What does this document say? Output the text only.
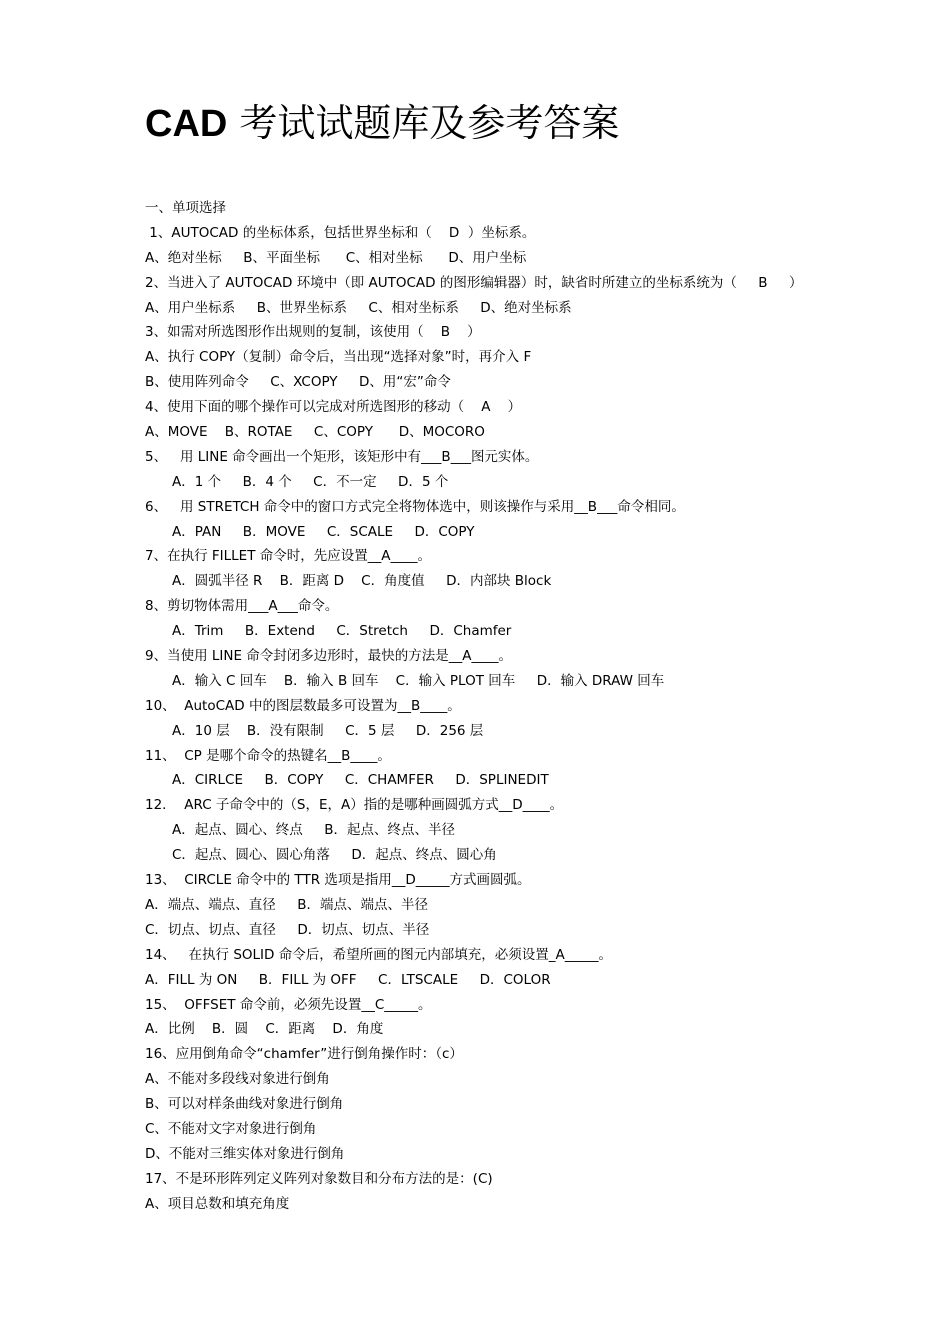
CAD 考试试题库及参考答案
一、单项选择
1、AUTOCAD 的坐标体系，包括世界坐标和（    D  ）坐标系。
A、绝对坐标     B、平面坐标      C、相对坐标      D、用户坐标
2、当进入了 AUTOCAD 环境中（即 AUTOCAD 的图形编辑器）时，缺省时所建立的坐标系统为（     B     ）
A、用户坐标系     B、世界坐标系     C、相对坐标系     D、绝对坐标系
3、如需对所选图形作出规则的复制，该使用（    B    ）
A、执行 COPY（复制）命令后，当出现“选择对象”时，再介入 F
B、使用阵列命令     C、XCOPY     D、用“宏”命令
4、使用下面的哪个操作可以完成对所选图形的移动（    A    ）
A、MOVE    B、ROTAE     C、COPY      D、MOCORO
5、   用 LINE 命令画出一个矩形，该矩形中有___B___图元实体。
A．1 个     B．4 个     C．不一定     D．5 个
6、   用 STRETCH 命令中的窗口方式完全将物体选中，则该操作与采用__B___命令相同。
A．PAN     B．MOVE     C．SCALE     D．COPY
7、在执行 FILLET 命令时，先应设置__A____。
A．圆弧半径 R    B．距离 D    C．角度值     D．内部块 Block
8、剪切物体需用___A___命令。
A．Trim     B．Extend     C．Stretch     D．Chamfer
9、当使用 LINE 命令封闭多边形时，最快的方法是__A____。
A．输入 C 回车    B．输入 B 回车    C．输入 PLOT 回车     D．输入 DRAW 回车
10、  AutoCAD 中的图层数最多可设置为__B____。
A．10 层    B．没有限制     C．5 层     D．256 层
11、  CP 是哪个命令的热键名__B____。
A．CIRLCE     B．COPY     C．CHAMFER     D．SPLINEDIT
12．  ARC 子命令中的（S，E，A）指的是哪种画圆弧方式__D____。
A．起点、圆心、终点     B．起点、终点、半径
C．起点、圆心、圆心角落     D．起点、终点、圆心角
13、  CIRCLE 命令中的 TTR 选项是指用__D_____方式画圆弧。
A．端点、端点、直径     B．端点、端点、半径
C．切点、切点、直径     D．切点、切点、半径
14、   在执行 SOLID 命令后，希望所画的图元内部填充，必须设置_A_____。
A．FILL 为 ON     B．FILL 为 OFF     C．LTSCALE     D．COLOR
15、  OFFSET 命令前，必须先设置__C_____。
A．比例    B．圆    C．距离    D．角度
16、应用倒角命令“chamfer”进行倒角操作时：（c）
A、不能对多段线对象进行倒角
B、可以对样条曲线对象进行倒角
C、不能对文字对象进行倒角
D、不能对三维实体对象进行倒角
17、不是环形阵列定义阵列对象数目和分布方法的是：(C)
A、项目总数和填充角度
